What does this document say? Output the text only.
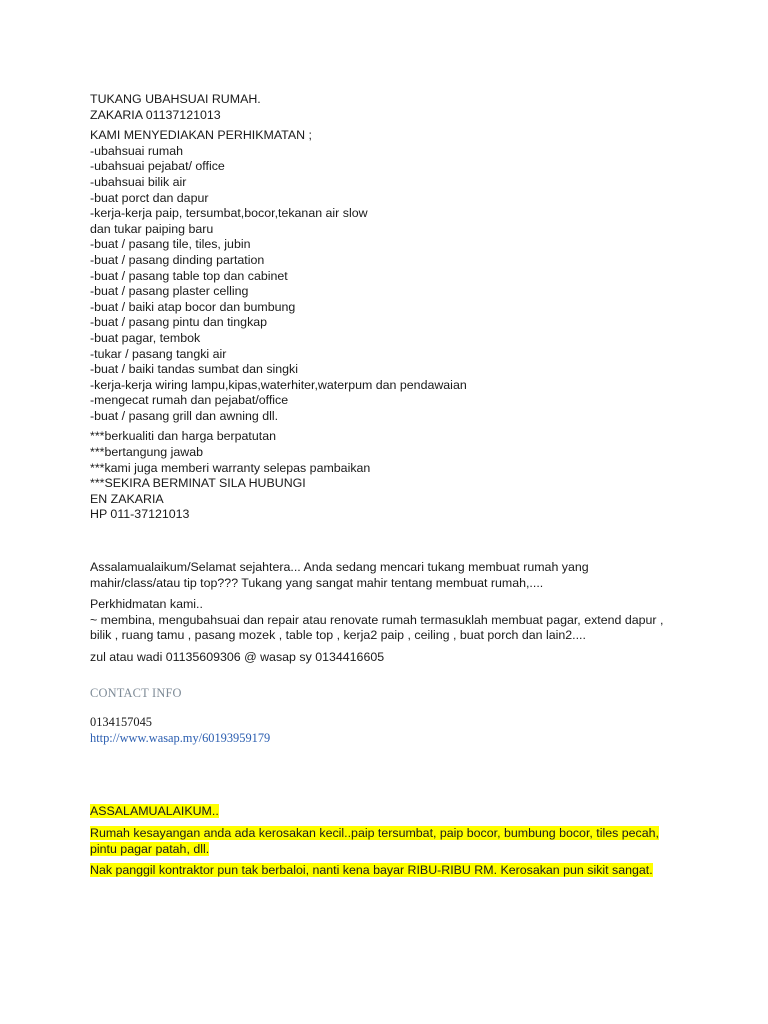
TUKANG UBAHSUAI RUMAH.
ZAKARIA 01137121013
KAMI MENYEDIAKAN PERHIKMATAN ;
-ubahsuai rumah
-ubahsuai pejabat/ office
-ubahsuai bilik air
-buat porct dan dapur
-kerja-kerja paip, tersumbat,bocor,tekanan air slow
dan tukar paiping baru
-buat / pasang tile, tiles, jubin
-buat / pasang dinding partation
-buat / pasang table top dan cabinet
-buat / pasang plaster celling
-buat / baiki atap bocor dan bumbung
-buat / pasang pintu dan tingkap
-buat pagar, tembok
-tukar / pasang tangki air
-buat / baiki tandas sumbat dan singki
-kerja-kerja wiring lampu,kipas,waterhiter,waterpum dan pendawaian
-mengecat rumah dan pejabat/office
-buat / pasang grill dan awning dll.
***berkualiti dan harga berpatutan
***bertangung jawab
***kami juga memberi warranty selepas pambaikan
***SEKIRA BERMINAT SILA HUBUNGI
EN ZAKARIA
HP 011-37121013
Assalamualaikum/Selamat sejahtera... Anda sedang mencari tukang membuat rumah yang mahir/class/atau tip top??? Tukang yang sangat mahir tentang membuat rumah,....
Perkhidmatan kami..
~ membina, mengubahsuai dan repair atau renovate rumah termasuklah membuat pagar, extend dapur , bilik , ruang tamu , pasang mozek , table top , kerja2 paip , ceiling , buat porch dan lain2....
zul atau wadi 01135609306 @ wasap sy 0134416605
CONTACT INFO
0134157045
http://www.wasap.my/60193959179
ASSALAMUALAIKUM..
Rumah kesayangan anda ada kerosakan kecil..paip tersumbat, paip bocor, bumbung bocor, tiles pecah, pintu pagar patah, dll.
Nak panggil kontraktor pun tak berbaloi, nanti kena bayar RIBU-RIBU RM. Kerosakan pun sikit sangat.
